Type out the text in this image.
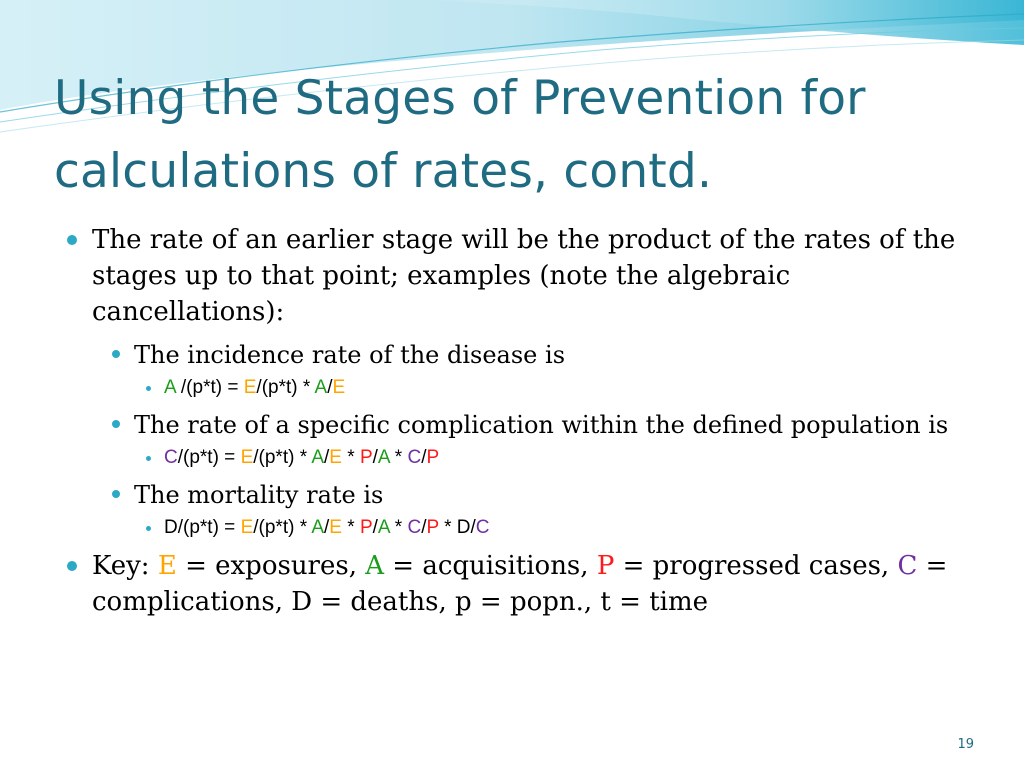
Using the Stages of Prevention for
calculations of rates, contd.
The rate of an earlier stage will be the product of the rates of the stages up to that point; examples (note the algebraic cancellations):
The incidence rate of the disease is
A /(p*t) = E/(p*t) * A/E
The rate of a specific complication within the defined population is
C/(p*t) = E/(p*t) * A/E * P/A * C/P
The mortality rate is
D/(p*t) = E/(p*t) * A/E * P/A * C/P * D/C
Key: E = exposures, A = acquisitions, P = progressed cases, C = complications, D = deaths, p = popn., t = time
19
